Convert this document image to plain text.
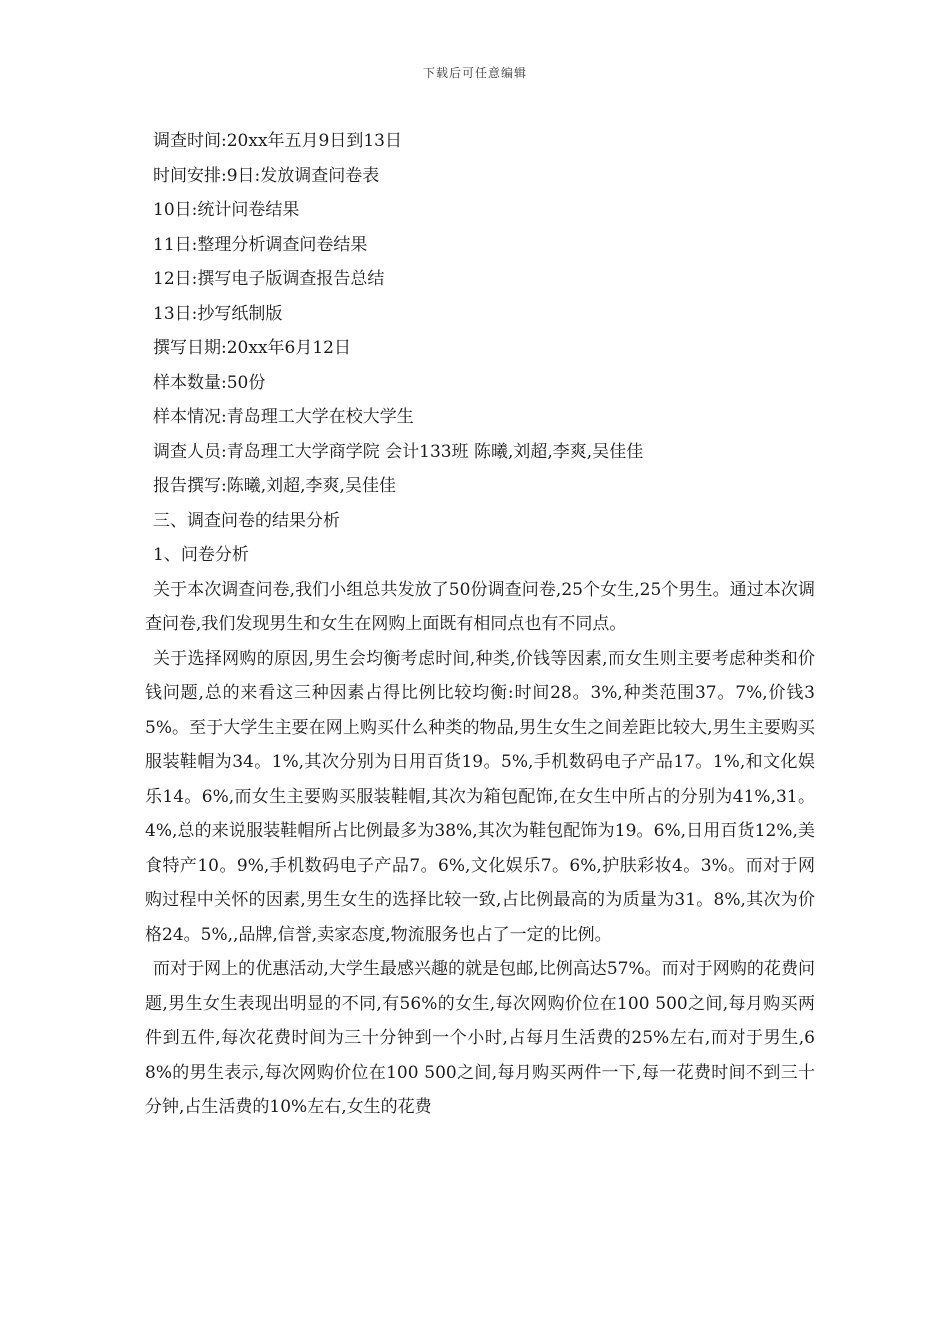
下载后可任意编辑
调查时间:20xx年五月9日到13日
时间安排:9日:发放调查问卷表
10日:统计问卷结果
11日:整理分析调查问卷结果
12日:撰写电子版调查报告总结
13日:抄写纸制版
撰写日期:20xx年6月12日
样本数量:50份
样本情况:青岛理工大学在校大学生
调查人员:青岛理工大学商学院 会计133班 陈曦,刘超,李爽,吴佳佳
报告撰写:陈曦,刘超,李爽,吴佳佳
三、调查问卷的结果分析
1、问卷分析

关于本次调查问卷,我们小组总共发放了50份调查问卷,25个女生,25个男生。通过本次调查问卷,我们发现男生和女生在网购上面既有相同点也有不同点。

关于选择网购的原因,男生会均衡考虑时间,种类,价钱等因素,而女生则主要考虑种类和价钱问题,总的来看这三种因素占得比例比较均衡:时间28。3%,种类范围37。7%,价钱35%。至于大学生主要在网上购买什么种类的物品,男生女生之间差距比较大,男生主要购买服装鞋帽为34。1%,其次分别为日用百货19。5%,手机数码电子产品17。1%,和文化娱乐14。6%,而女生主要购买服装鞋帽,其次为箱包配饰,在女生中所占的分别为41%,31。4%,总的来说服装鞋帽所占比例最多为38%,其次为鞋包配饰为19。6%,日用百货12%,美食特产10。9%,手机数码电子产品7。6%,文化娱乐7。6%,护肤彩妆4。3%。而对于网购过程中关怀的因素,男生女生的选择比较一致,占比例最高的为质量为31。8%,其次为价格24。5%,,品牌,信誉,卖家态度,物流服务也占了一定的比例。

而对于网上的优惠活动,大学生最感兴趣的就是包邮,比例高达57%。而对于网购的花费问题,男生女生表现出明显的不同,有56%的女生,每次网购价位在100 500之间,每月购买两件到五件,每次花费时间为三十分钟到一个小时,占每月生活费的25%左右,而对于男生,68%的男生表示,每次网购价位在100 500之间,每月购买两件一下,每一花费时间不到三十分钟,占生活费的10%左右,女生的花费
